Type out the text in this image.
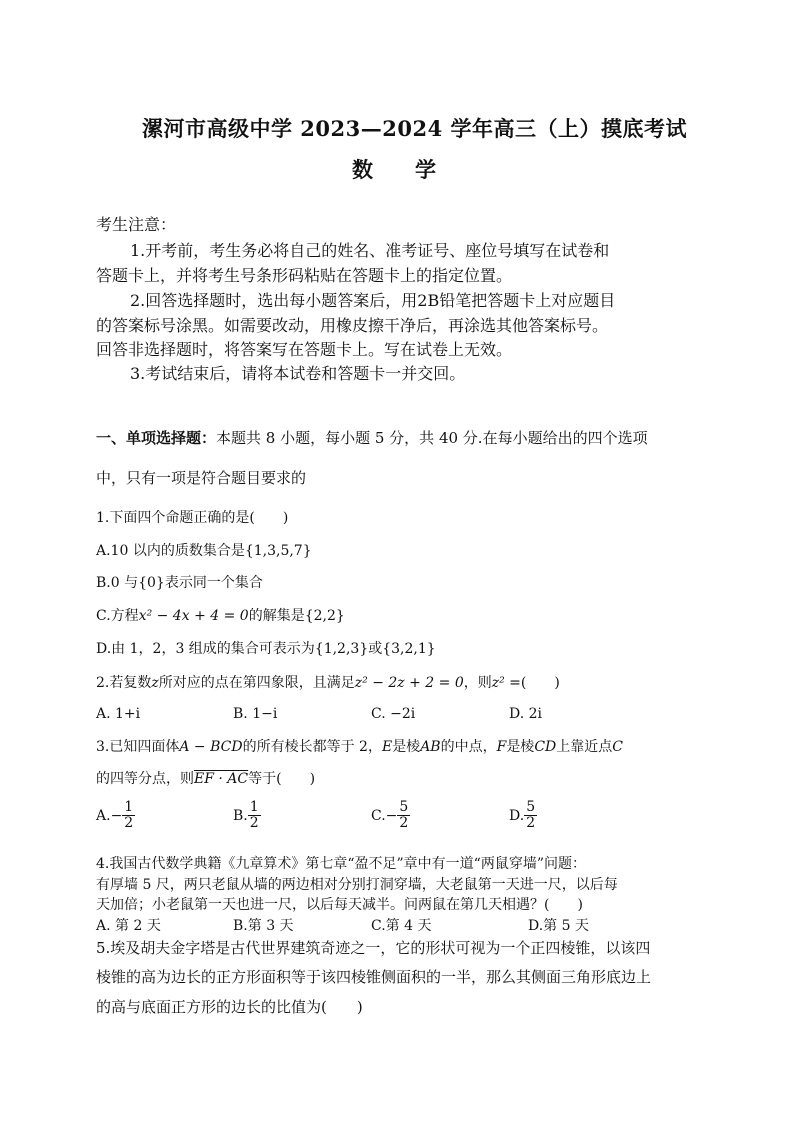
漯河市高级中学 2023—2024 学年高三（上）摸底考试
数　　学
考生注意：
1.开考前，考生务必将自己的姓名、准考证号、座位号填写在试卷和
答题卡上，并将考生号条形码粘贴在答题卡上的指定位置。
2.回答选择题时，选出每小题答案后，用2B铅笔把答题卡上对应题目
的答案标号涂黑。如需要改动，用橡皮擦干净后，再涂选其他答案标号。
回答非选择题时，将答案写在答题卡上。写在试卷上无效。
3.考试结束后，请将本试卷和答题卡一并交回。
一、单项选择题：本题共 8 小题，每小题 5 分，共 40 分.在每小题给出的四个选项
中，只有一项是符合题目要求的
1.下面四个命题正确的是(　　)
A.10 以内的质数集合是{1,3,5,7}
B.0 与{0}表示同一个集合
C.方程x² − 4x + 4 = 0的解集是{2,2}
D.由 1，2，3 组成的集合可表示为{1,2,3}或{3,2,1}
2.若复数z所对应的点在第四象限，且满足z² − 2z + 2 = 0，则z² =(　　)
A. 1+i	B. 1−i	C. −2i	D. 2i
3.已知四面体A − BCD的所有棱长都等于 2，E是棱AB的中点，F是棱CD上靠近点C
的四等分点，则EF · AC等于(　　)
$A.- \frac{1}{2}$	B. $\frac{1}{2}$	$C.- \frac{5}{2}$	D. $\frac{5}{2}$
4.我国古代数学典籍《九章算术》第七章“盈不足”章中有一道“两鼠穿墙”问题：
有厚墙 5 尺，两只老鼠从墙的两边相对分别打洞穿墙，大老鼠第一天进一尺，以后每
天加倍；小老鼠第一天也进一尺，以后每天减半。问两鼠在第几天相遇？(　　)
A. 第 2 天	B.第 3 天	C.第 4 天	D.第 5 天
5.埃及胡夫金字塔是古代世界建筑奇迹之一，它的形状可视为一个正四棱锥，以该四
棱锥的高为边长的正方形面积等于该四棱锥侧面积的一半，那么其侧面三角形底边上
的高与底面正方形的边长的比值为(　　)
